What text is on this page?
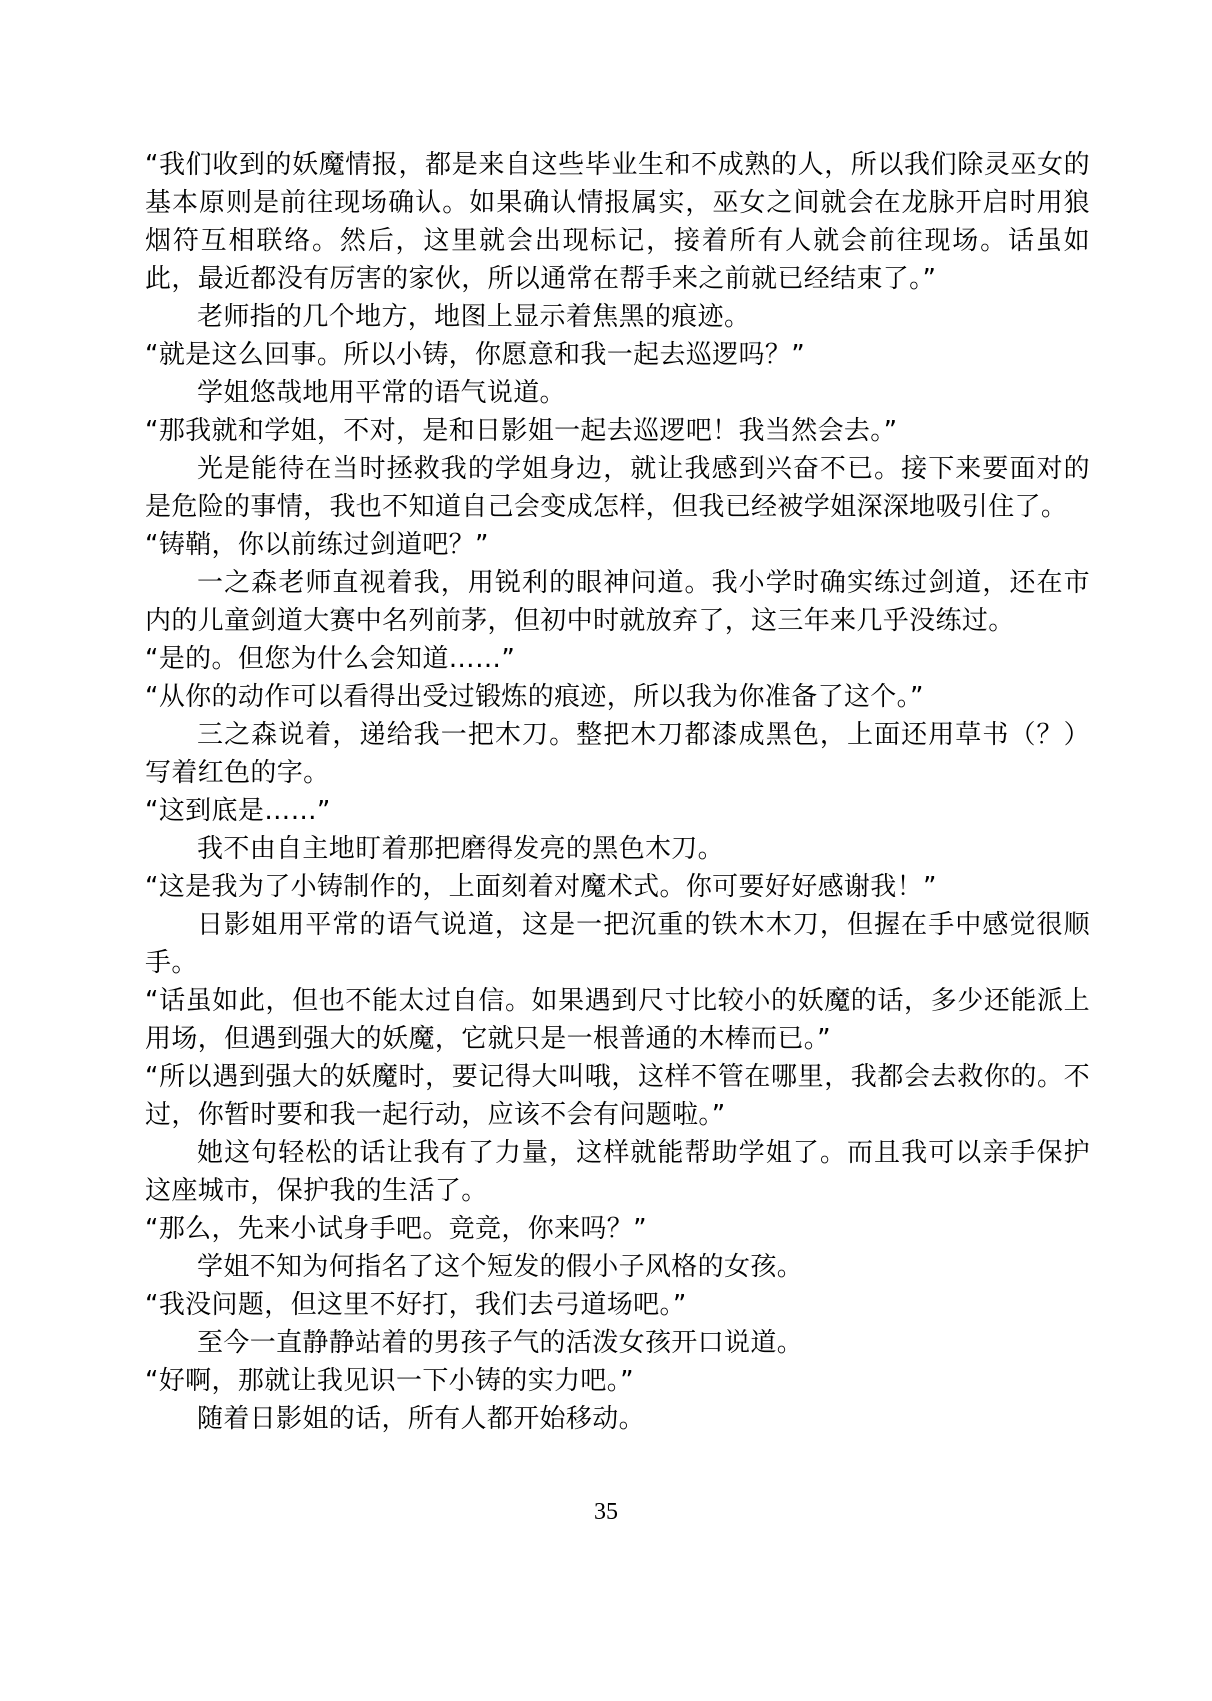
“我们收到的妖魔情报，都是来自这些毕业生和不成熟的人，所以我们除灵巫女的基本原则是前往现场确认。如果确认情报属实，巫女之间就会在龙脉开启时用狼烟符互相联络。然后，这里就会出现标记，接着所有人就会前往现场。话虽如此，最近都没有厉害的家伙，所以通常在帮手来之前就已经结束了。”

老师指的几个地方，地图上显示着焦黑的痕迹。

“就是这么回事。所以小铸，你愿意和我一起去巡逻吗？”

学姐悠哉地用平常的语气说道。

“那我就和学姐，不对，是和日影姐一起去巡逻吧！我当然会去。”

光是能待在当时拯救我的学姐身边，就让我感到兴奋不已。接下来要面对的是危险的事情，我也不知道自己会变成怎样，但我已经被学姐深深地吸引住了。

“铸鞘，你以前练过剑道吧？”

一之森老师直视着我，用锐利的眼神问道。我小学时确实练过剑道，还在市内的儿童剑道大赛中名列前茅，但初中时就放弃了，这三年来几乎没练过。

“是的。但您为什么会知道……”

“从你的动作可以看得出受过锻炼的痕迹，所以我为你准备了这个。”

三之森说着，递给我一把木刀。整把木刀都漆成黑色，上面还用草书（？）写着红色的字。

“这到底是……”

我不由自主地盯着那把磨得发亮的黑色木刀。

“这是我为了小铸制作的，上面刻着对魔术式。你可要好好感谢我！”

日影姐用平常的语气说道，这是一把沉重的铁木木刀，但握在手中感觉很顺手。

“话虽如此，但也不能太过自信。如果遇到尺寸比较小的妖魔的话，多少还能派上用场，但遇到强大的妖魔，它就只是一根普通的木棒而已。”

“所以遇到强大的妖魔时，要记得大叫哦，这样不管在哪里，我都会去救你的。不过，你暂时要和我一起行动，应该不会有问题啦。”

她这句轻松的话让我有了力量，这样就能帮助学姐了。而且我可以亲手保护这座城市，保护我的生活了。

“那么，先来小试身手吧。竞竞，你来吗？”

学姐不知为何指名了这个短发的假小子风格的女孩。

“我没问题，但这里不好打，我们去弓道场吧。”

至今一直静静站着的男孩子气的活泼女孩开口说道。

“好啊，那就让我见识一下小铸的实力吧。”

随着日影姐的话，所有人都开始移动。

35
